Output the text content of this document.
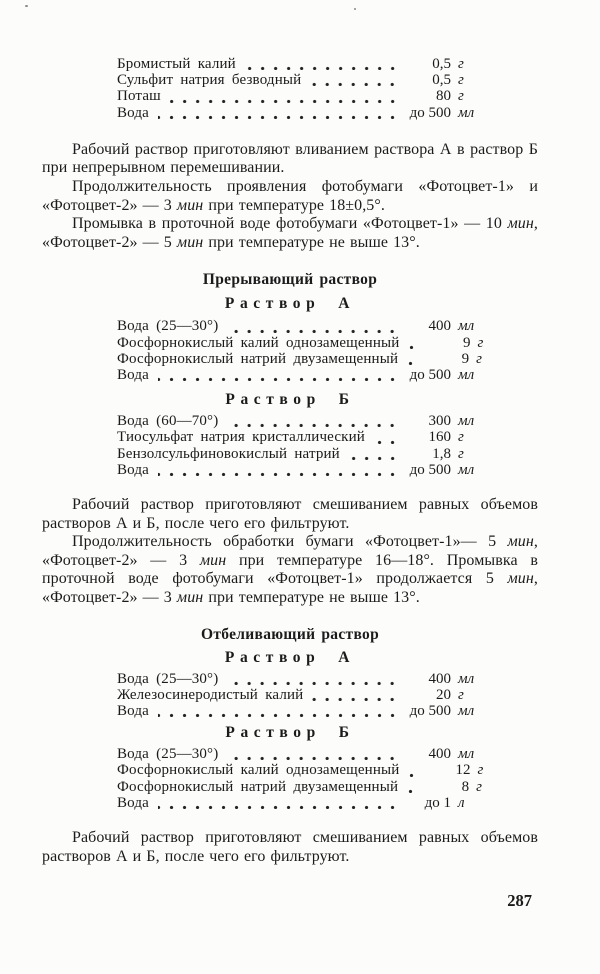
Бромистый калий	0,5 г
Сульфит натрия безводный	0,5 г
Поташ	80 г
Вода	до 500 мл

Рабочий раствор приготовляют вливанием раствора А в раствор Б при непрерывном перемешивании.

Продолжительность проявления фотобумаги «Фотоцвет-1» и «Фотоцвет-2» — 3 мин при температуре 18±0,5°.

Промывка в проточной воде фотобумаги «Фотоцвет-1» — 10 мин, «Фотоцвет-2» — 5 мин при температуре не выше 13°.

Прерывающий раствор
Раствор А
Вода (25—30°)	400 мл
Фосфорнокислый калий однозамещенный	9 г
Фосфорнокислый натрий двузамещенный	9 г
Вода	до 500 мл
Раствор Б
Вода (60—70°)	300 мл
Тиосульфат натрия кристаллический	160 г
Бензолсульфиновокислый натрий	1,8 г
Вода	до 500 мл

Рабочий раствор приготовляют смешиванием равных объемов растворов А и Б, после чего его фильтруют.

Продолжительность обработки бумаги «Фотоцвет-1»— 5 мин, «Фотоцвет-2» — 3 мин при температуре 16—18°. Промывка в проточной воде фотобумаги «Фотоцвет-1» продолжается 5 мин, «Фотоцвет-2» — 3 мин при температуре не выше 13°.

Отбеливающий раствор
Раствор А
Вода (25—30°)	400 мл
Железосинеродистый калий	20 г
Вода	до 500 мл
Раствор Б
Вода (25—30°)	400 мл
Фосфорнокислый калий однозамещенный	12 г
Фосфорнокислый натрий двузамещенный	8 г
Вода	до 1 л

Рабочий раствор приготовляют смешиванием равных объемов растворов А и Б, после чего его фильтруют.

287
